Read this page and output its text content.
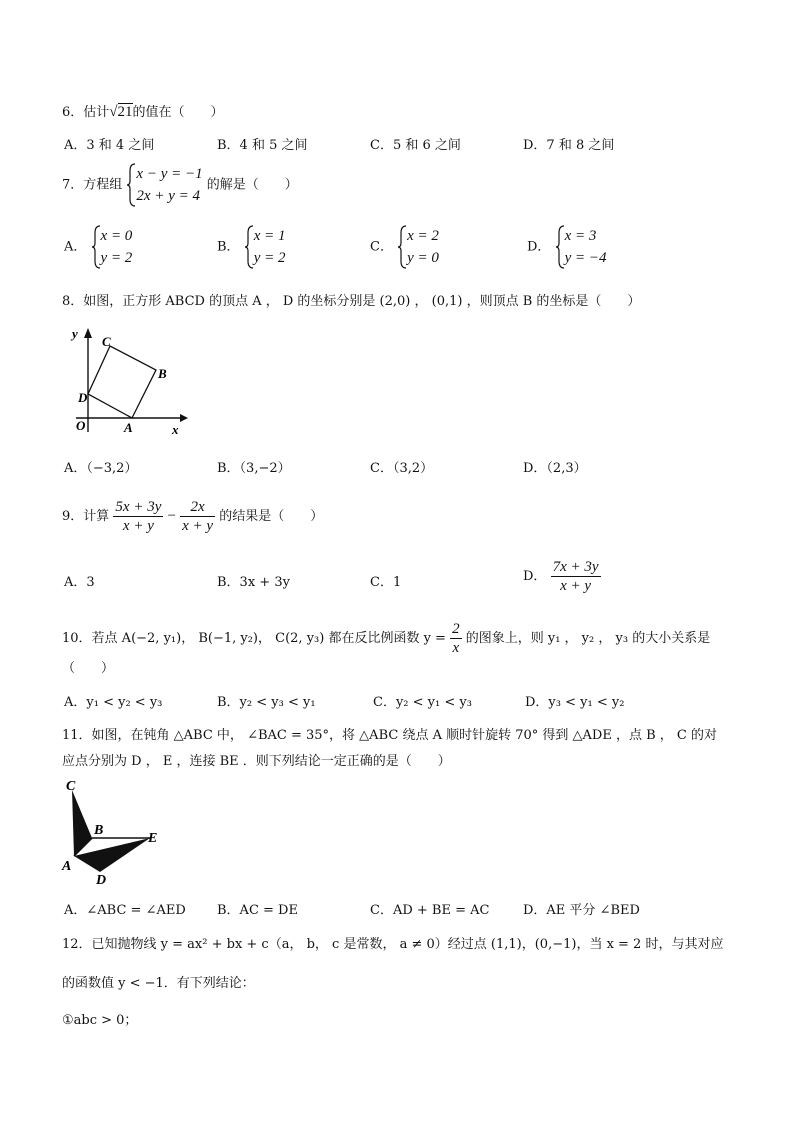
6．估计√21的值在（　　）
A．3 和 4 之间	B．4 和 5 之间	C．5 和 6 之间	D．7 和 8 之间
7．方程组
x − y = −1
2x + y = 4
的解是（　　）
A．
x = 0
y = 2
B．
x = 1
y = 2
C．
x = 2
y = 0
D．
x = 3
y = −4
8．如图，正方形 ABCD 的顶点 A ， D 的坐标分别是 (2,0) ， (0,1) ，则顶点 B 的坐标是（　　）
y
x
O	A
B
C
D
A．（−3,2）	B．（3,−2）	C．（3,2）	D．（2,3）
9．计算 $\frac{5x + 3y}{x + y} - \frac{2x}{x + y}$ 的结果是（　　）
A．3	B．3x + 3y	C．1	D． $\frac{7x + 3y}{x + y}$
10．若点 A(−2, y₁)， B(−1, y₂)， C(2, y₃) 都在反比例函数 $y = \frac{2}{x}$ 的图象上，则 y₁ ， y₂ ， y₃ 的大小关系是
（　　）
A．y₁ < y₂ < y₃	B．y₂ < y₃ < y₁	C．y₂ < y₁ < y₃	D．y₃ < y₁ < y₂
11．如图，在钝角 △ABC 中， ∠BAC = 35°，将 △ABC 绕点 A 顺时针旋转 70° 得到 △ADE ，点 B ， C 的对
应点分别为 D ， E ，连接 BE ．则下列结论一定正确的是（　　）
C
B
E
A
D
A．∠ABC = ∠AED B．AC = DE	C．AD + BE = AC	D．AE 平分 ∠BED
12．已知抛物线 y = ax² + bx + c（a， b， c 是常数， a ≠ 0）经过点 (1,1)，(0,−1)，当 x = 2 时，与其对应
的函数值 y < −1．有下列结论：
①abc > 0；
